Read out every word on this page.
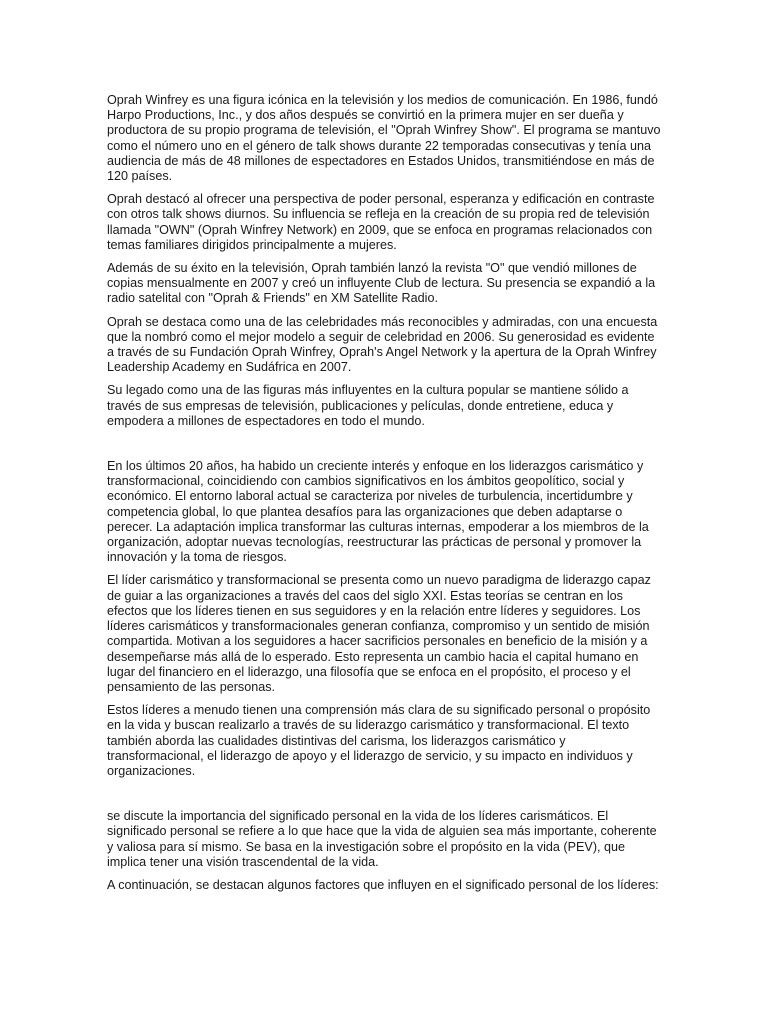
Oprah Winfrey es una figura icónica en la televisión y los medios de comunicación. En 1986, fundó Harpo Productions, Inc., y dos años después se convirtió en la primera mujer en ser dueña y productora de su propio programa de televisión, el "Oprah Winfrey Show". El programa se mantuvo como el número uno en el género de talk shows durante 22 temporadas consecutivas y tenía una audiencia de más de 48 millones de espectadores en Estados Unidos, transmitiéndose en más de 120 países.

Oprah destacó al ofrecer una perspectiva de poder personal, esperanza y edificación en contraste con otros talk shows diurnos. Su influencia se refleja en la creación de su propia red de televisión llamada "OWN" (Oprah Winfrey Network) en 2009, que se enfoca en programas relacionados con temas familiares dirigidos principalmente a mujeres.

Además de su éxito en la televisión, Oprah también lanzó la revista "O" que vendió millones de copias mensualmente en 2007 y creó un influyente Club de lectura. Su presencia se expandió a la radio satelital con "Oprah & Friends" en XM Satellite Radio.

Oprah se destaca como una de las celebridades más reconocibles y admiradas, con una encuesta que la nombró como el mejor modelo a seguir de celebridad en 2006. Su generosidad es evidente a través de su Fundación Oprah Winfrey, Oprah's Angel Network y la apertura de la Oprah Winfrey Leadership Academy en Sudáfrica en 2007.

Su legado como una de las figuras más influyentes en la cultura popular se mantiene sólido a través de sus empresas de televisión, publicaciones y películas, donde entretiene, educa y empodera a millones de espectadores en todo el mundo.

En los últimos 20 años, ha habido un creciente interés y enfoque en los liderazgos carismático y transformacional, coincidiendo con cambios significativos en los ámbitos geopolítico, social y económico. El entorno laboral actual se caracteriza por niveles de turbulencia, incertidumbre y competencia global, lo que plantea desafíos para las organizaciones que deben adaptarse o perecer. La adaptación implica transformar las culturas internas, empoderar a los miembros de la organización, adoptar nuevas tecnologías, reestructurar las prácticas de personal y promover la innovación y la toma de riesgos.

El líder carismático y transformacional se presenta como un nuevo paradigma de liderazgo capaz de guiar a las organizaciones a través del caos del siglo XXI. Estas teorías se centran en los efectos que los líderes tienen en sus seguidores y en la relación entre líderes y seguidores. Los líderes carismáticos y transformacionales generan confianza, compromiso y un sentido de misión compartida. Motivan a los seguidores a hacer sacrificios personales en beneficio de la misión y a desempeñarse más allá de lo esperado. Esto representa un cambio hacia el capital humano en lugar del financiero en el liderazgo, una filosofía que se enfoca en el propósito, el proceso y el pensamiento de las personas.

Estos líderes a menudo tienen una comprensión más clara de su significado personal o propósito en la vida y buscan realizarlo a través de su liderazgo carismático y transformacional. El texto también aborda las cualidades distintivas del carisma, los liderazgos carismático y transformacional, el liderazgo de apoyo y el liderazgo de servicio, y su impacto en individuos y organizaciones.

se discute la importancia del significado personal en la vida de los líderes carismáticos. El significado personal se refiere a lo que hace que la vida de alguien sea más importante, coherente y valiosa para sí mismo. Se basa en la investigación sobre el propósito en la vida (PEV), que implica tener una visión trascendental de la vida.

A continuación, se destacan algunos factores que influyen en el significado personal de los líderes:
